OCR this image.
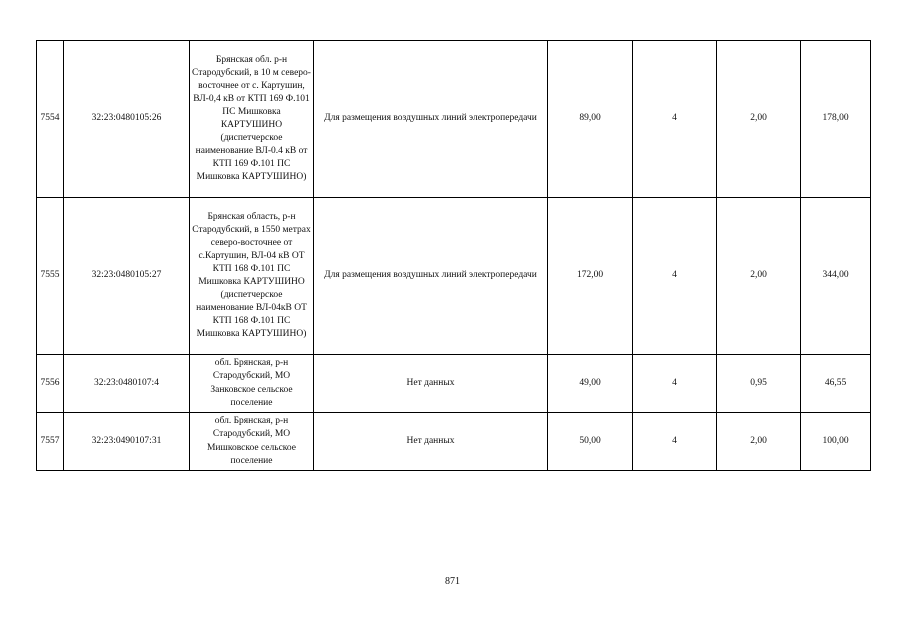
7554	32:23:0480105:26	Брянская обл. р-н Стародубский, в 10 м северо-восточнее от с. Картушин, ВЛ-0,4 кВ от КТП 169 Ф.101 ПС Мишковка КАРТУШИНО (диспетчерское наименование ВЛ-0.4 кВ от КТП 169 Ф.101 ПС Мишковка КАРТУШИНО)	Для размещения воздушных линий электропередачи	89,00	4	2,00	178,00
7555	32:23:0480105:27	Брянская область, р-н Стародубский, в 1550 метрах северо-восточнее от с.Картушин, ВЛ-04 кВ ОТ КТП 168 Ф.101 ПС Мишковка КАРТУШИНО (диспетчерское наименование ВЛ-04кВ ОТ КТП 168 Ф.101 ПС Мишковка КАРТУШИНО)	Для размещения воздушных линий электропередачи	172,00	4	2,00	344,00
7556	32:23:0480107:4	обл. Брянская, р-н Стародубский, МО Занковское сельское поселение	Нет данных	49,00	4	0,95	46,55
7557	32:23:0490107:31	обл. Брянская, р-н Стародубский, МО Мишковское сельское поселение	Нет данных	50,00	4	2,00	100,00
871
